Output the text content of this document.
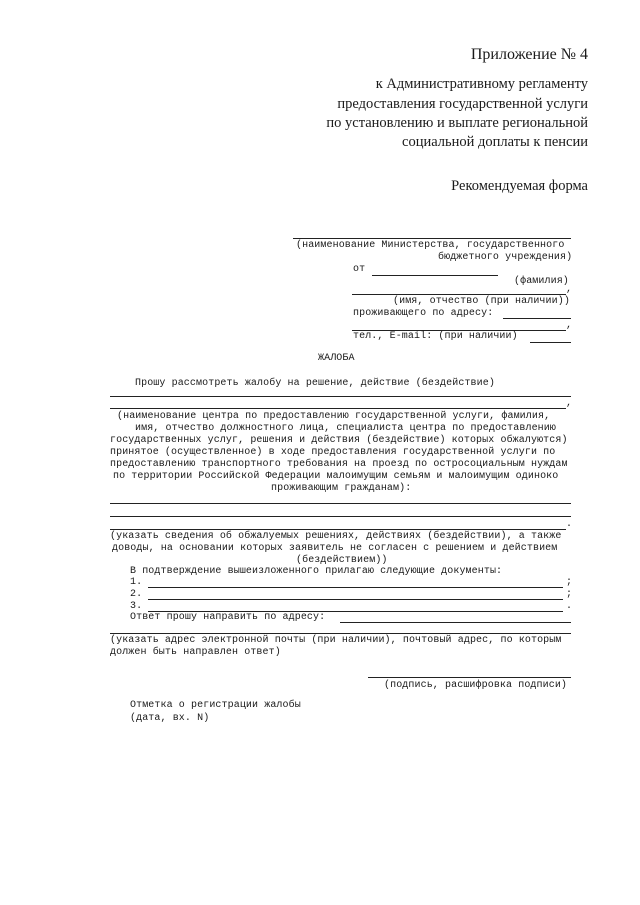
Приложение № 4
к Административному регламенту
предоставления государственной услуги
по установлению и выплате региональной
социальной доплаты к пенсии
Рекомендуемая форма
(наименование Министерства, государственного
бюджетного учреждения)
от
(фамилия)
,
(имя, отчество (при наличии))
проживающего по адресу:
,
тел., E-mail: (при наличии)
ЖАЛОБА
Прошу рассмотреть жалобу на решение, действие (бездействие)
,
(наименование центра по предоставлению государственной услуги, фамилия,
имя, отчество должностного лица, специалиста центра по предоставлению
государственных услуг, решения и действия (бездействие) которых обжалуются)
принятое (осуществленное) в ходе предоставления государственной услуги по
предоставлению транспортного требования на проезд по остросоциальным нуждам
по территории Российской Федерации малоимущим семьям и малоимущим одиноко
проживающим гражданам):
.
(указать сведения об обжалуемых решениях, действиях (бездействии), а также
доводы, на основании которых заявитель не согласен с решением и действием
(бездействием))
В подтверждение вышеизложенного прилагаю следующие документы:
1.	;
2.	;
3.	.
Ответ прошу направить по адресу:
(указать адрес электронной почты (при наличии), почтовый адрес, по которым
должен быть направлен ответ)
(подпись, расшифровка подписи)
Отметка о регистрации жалобы
(дата, вх. N)
